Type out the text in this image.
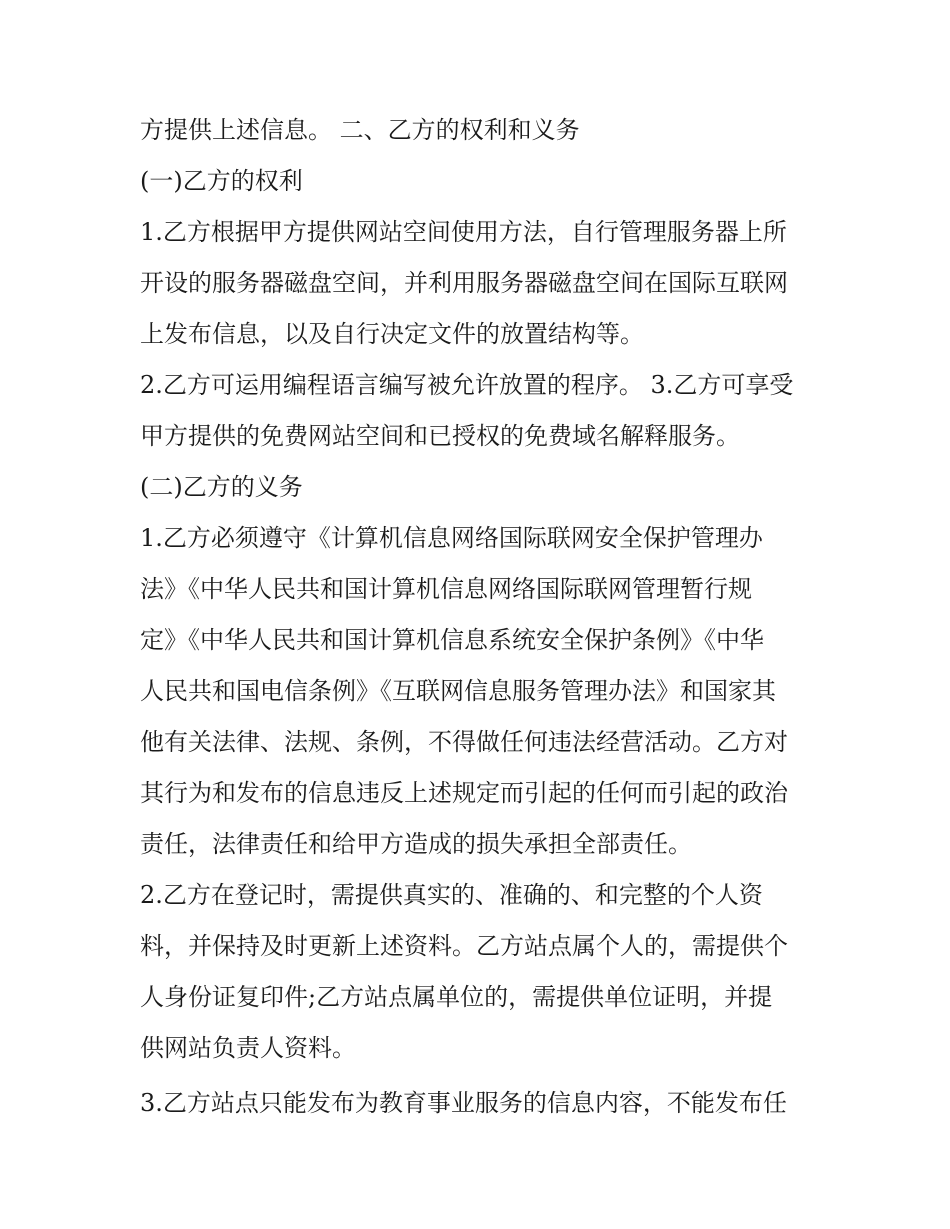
方提供上述信息。 二、乙方的权利和义务
(一)乙方的权利
1.乙方根据甲方提供网站空间使用方法，自行管理服务器上所
开设的服务器磁盘空间，并利用服务器磁盘空间在国际互联网
上发布信息，以及自行决定文件的放置结构等。
2.乙方可运用编程语言编写被允许放置的程序。 3.乙方可享受
甲方提供的免费网站空间和已授权的免费域名解释服务。
(二)乙方的义务
1.乙方必须遵守《计算机信息网络国际联网安全保护管理办
法》《中华人民共和国计算机信息网络国际联网管理暂行规
定》《中华人民共和国计算机信息系统安全保护条例》《中华
人民共和国电信条例》《互联网信息服务管理办法》和国家其
他有关法律、法规、条例，不得做任何违法经营活动。乙方对
其行为和发布的信息违反上述规定而引起的任何而引起的政治
责任，法律责任和给甲方造成的损失承担全部责任。
2.乙方在登记时，需提供真实的、准确的、和完整的个人资
料，并保持及时更新上述资料。乙方站点属个人的，需提供个
人身份证复印件;乙方站点属单位的，需提供单位证明，并提
供网站负责人资料。
3.乙方站点只能发布为教育事业服务的信息内容，不能发布任
